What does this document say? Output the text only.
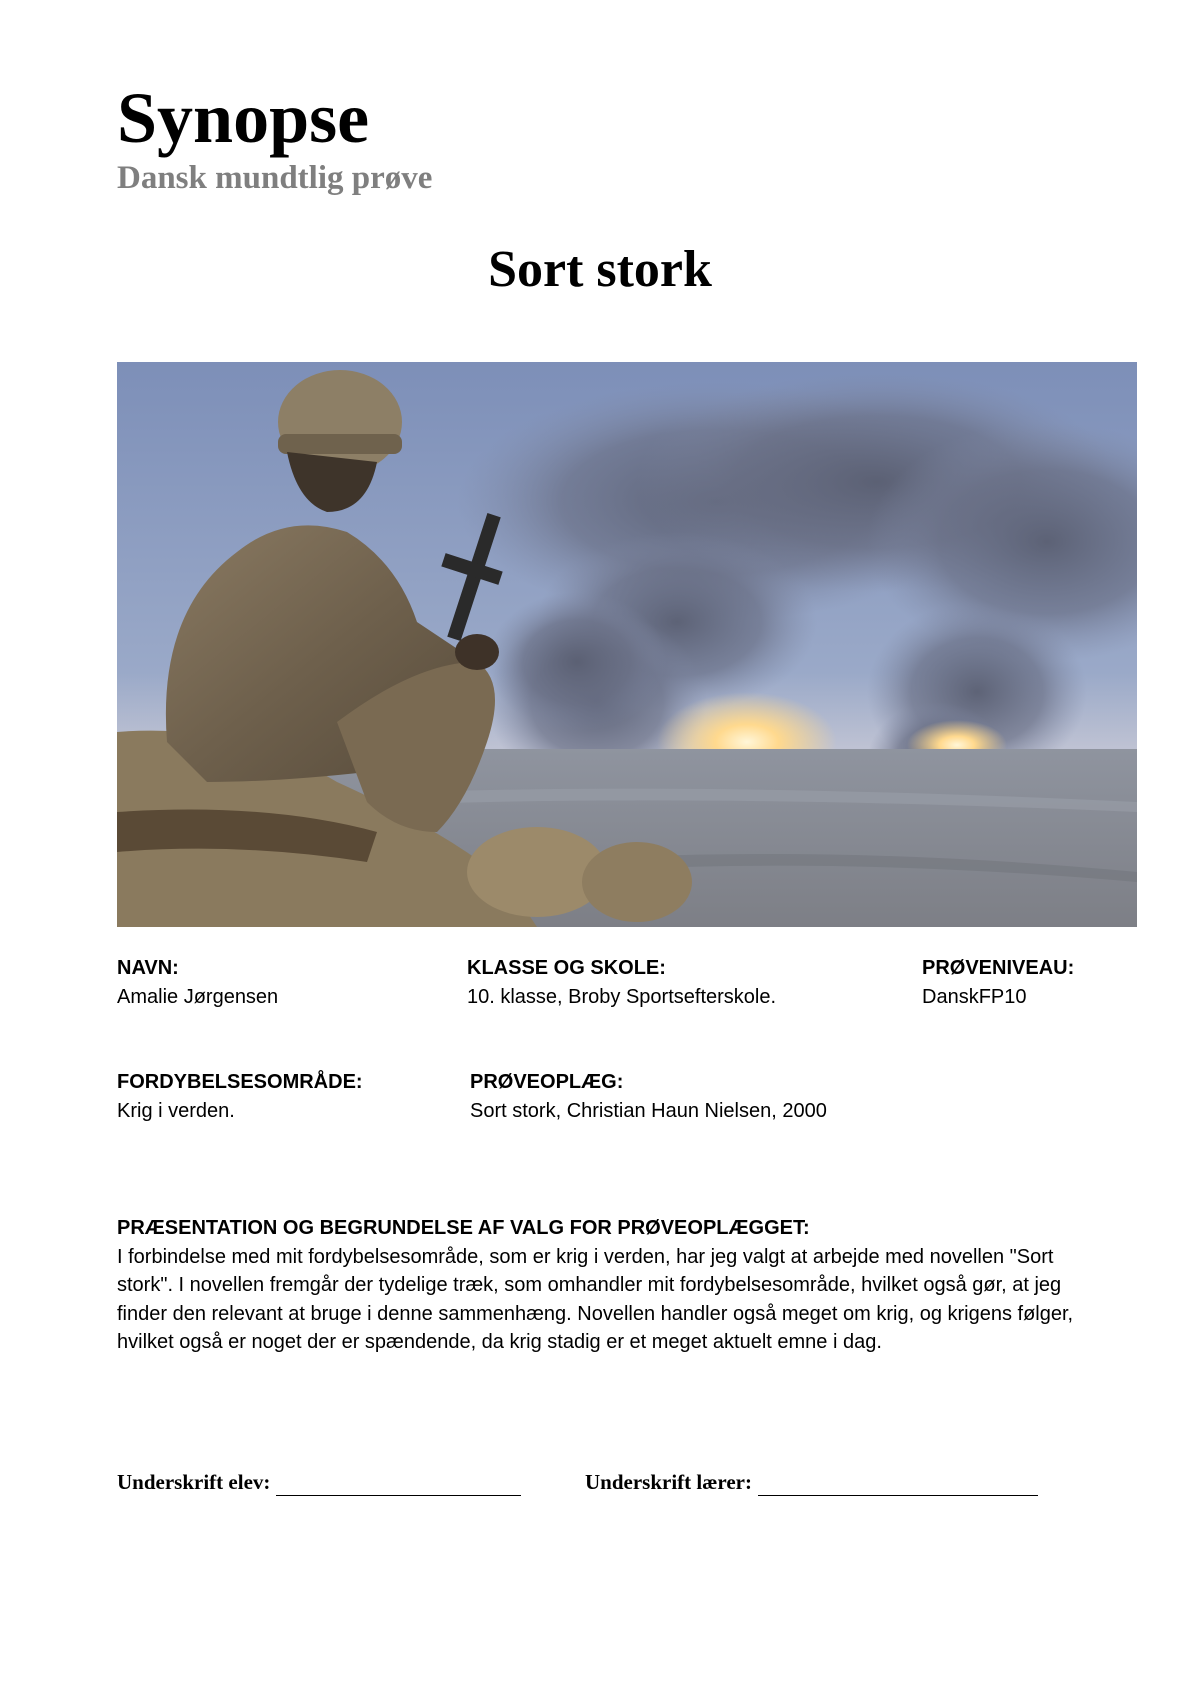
Synopse
Dansk mundtlig prøve
Sort stork
NAVN:
Amalie Jørgensen
KLASSE OG SKOLE:
10. klasse, Broby Sportsefterskole.
PRØVENIVEAU:
DanskFP10
FORDYBELSESOMRÅDE:
Krig i verden.
PRØVEOPLÆG:
Sort stork, Christian Haun Nielsen, 2000
PRÆSENTATION OG BEGRUNDELSE AF VALG FOR PRØVEOPLÆGGET:

I forbindelse med mit fordybelsesområde, som er krig i verden, har jeg valgt at arbejde med novellen "Sort stork". I novellen fremgår der tydelige træk, som omhandler mit fordybelsesområde, hvilket også gør, at jeg finder den relevant at bruge i denne sammenhæng. Novellen handler også meget om krig, og krigens følger, hvilket også er noget der er spændende, da krig stadig er et meget aktuelt emne i dag.

Underskrift elev:	Underskrift lærer:
